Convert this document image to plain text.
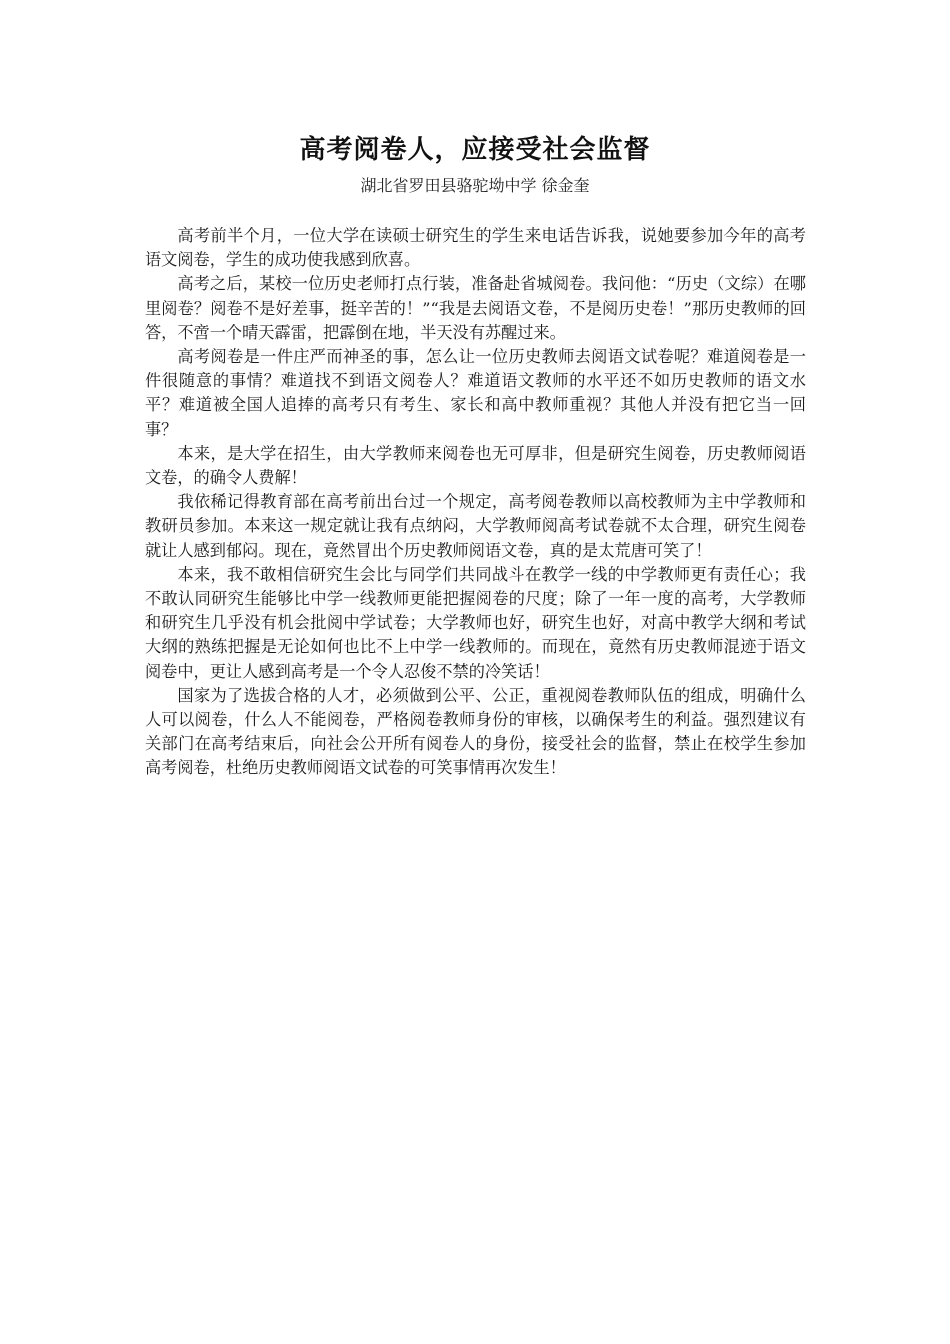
高考阅卷人，应接受社会监督
湖北省罗田县骆驼坳中学 徐金奎

高考前半个月，一位大学在读硕士研究生的学生来电话告诉我，说她要参加今年的高考语文阅卷，学生的成功使我感到欣喜。

高考之后，某校一位历史老师打点行装，准备赴省城阅卷。我问他：“历史（文综）在哪里阅卷？阅卷不是好差事，挺辛苦的！”“我是去阅语文卷，不是阅历史卷！”那历史教师的回答，不啻一个晴天霹雷，把霹倒在地，半天没有苏醒过来。

高考阅卷是一件庄严而神圣的事，怎么让一位历史教师去阅语文试卷呢？难道阅卷是一件很随意的事情？难道找不到语文阅卷人？难道语文教师的水平还不如历史教师的语文水平？难道被全国人追捧的高考只有考生、家长和高中教师重视？其他人并没有把它当一回事？

本来，是大学在招生，由大学教师来阅卷也无可厚非，但是研究生阅卷，历史教师阅语文卷，的确令人费解！

我依稀记得教育部在高考前出台过一个规定，高考阅卷教师以高校教师为主中学教师和教研员参加。本来这一规定就让我有点纳闷，大学教师阅高考试卷就不太合理，研究生阅卷就让人感到郁闷。现在，竟然冒出个历史教师阅语文卷，真的是太荒唐可笑了！

本来，我不敢相信研究生会比与同学们共同战斗在教学一线的中学教师更有责任心；我不敢认同研究生能够比中学一线教师更能把握阅卷的尺度；除了一年一度的高考，大学教师和研究生几乎没有机会批阅中学试卷；大学教师也好，研究生也好，对高中教学大纲和考试大纲的熟练把握是无论如何也比不上中学一线教师的。而现在，竟然有历史教师混迹于语文阅卷中，更让人感到高考是一个令人忍俊不禁的冷笑话！

国家为了选拔合格的人才，必须做到公平、公正，重视阅卷教师队伍的组成，明确什么人可以阅卷，什么人不能阅卷，严格阅卷教师身份的审核，以确保考生的利益。强烈建议有关部门在高考结束后，向社会公开所有阅卷人的身份，接受社会的监督，禁止在校学生参加高考阅卷，杜绝历史教师阅语文试卷的可笑事情再次发生！
